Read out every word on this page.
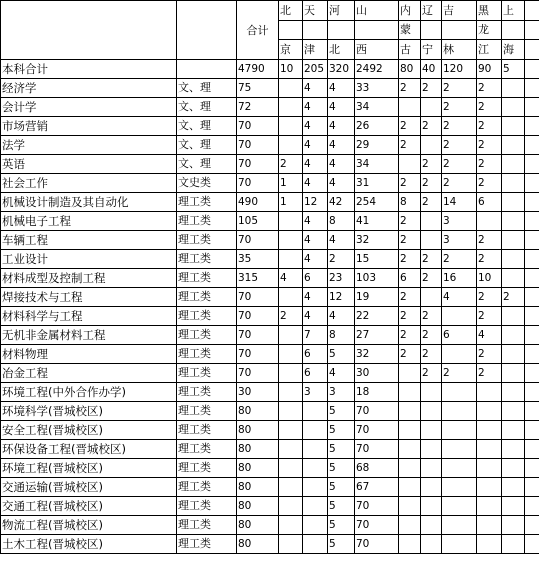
		合计	北	天	河	山	内	辽	吉	黑	上	
							蒙			龙		
			京	津	北	西	古	宁	林	江	海	
本科合计		4790	10	205	320	2492	80	40	120	90	5	
经济学	文、理	75		4	4	33	2	2	2	2		
会计学	文、理	72		4	4	34			2	2		
市场营销	文、理	70		4	4	26	2	2	2	2		
法学	文、理	70		4	4	29	2		2	2		
英语	文、理	70	2	4	4	34		2	2	2		
社会工作	文史类	70	1	4	4	31	2	2	2	2		
机械设计制造及其自动化	理工类	490	1	12	42	254	8	2	14	6		
机械电子工程	理工类	105		4	8	41	2		3			
车辆工程	理工类	70		4	4	32	2		3	2		
工业设计	理工类	35		4	2	15	2	2	2	2		
材料成型及控制工程	理工类	315	4	6	23	103	6	2	16	10		
焊接技术与工程	理工类	70		4	12	19	2		4	2	2	
材料科学与工程	理工类	70	2	4	4	22	2	2		2		
无机非金属材料工程	理工类	70		7	8	27	2	2	6	4		
材料物理	理工类	70		6	5	32	2	2		2		
冶金工程	理工类	70		6	4	30		2	2	2		
环境工程(中外合作办学)	理工类	30		3	3	18						
环境科学(晋城校区)	理工类	80			5	70						
安全工程(晋城校区)	理工类	80			5	70						
环保设备工程(晋城校区)	理工类	80			5	70						
环境工程(晋城校区)	理工类	80			5	68						
交通运输(晋城校区)	理工类	80			5	67						
交通工程(晋城校区)	理工类	80			5	70						
物流工程(晋城校区)	理工类	80			5	70						
土木工程(晋城校区)	理工类	80			5	70						
